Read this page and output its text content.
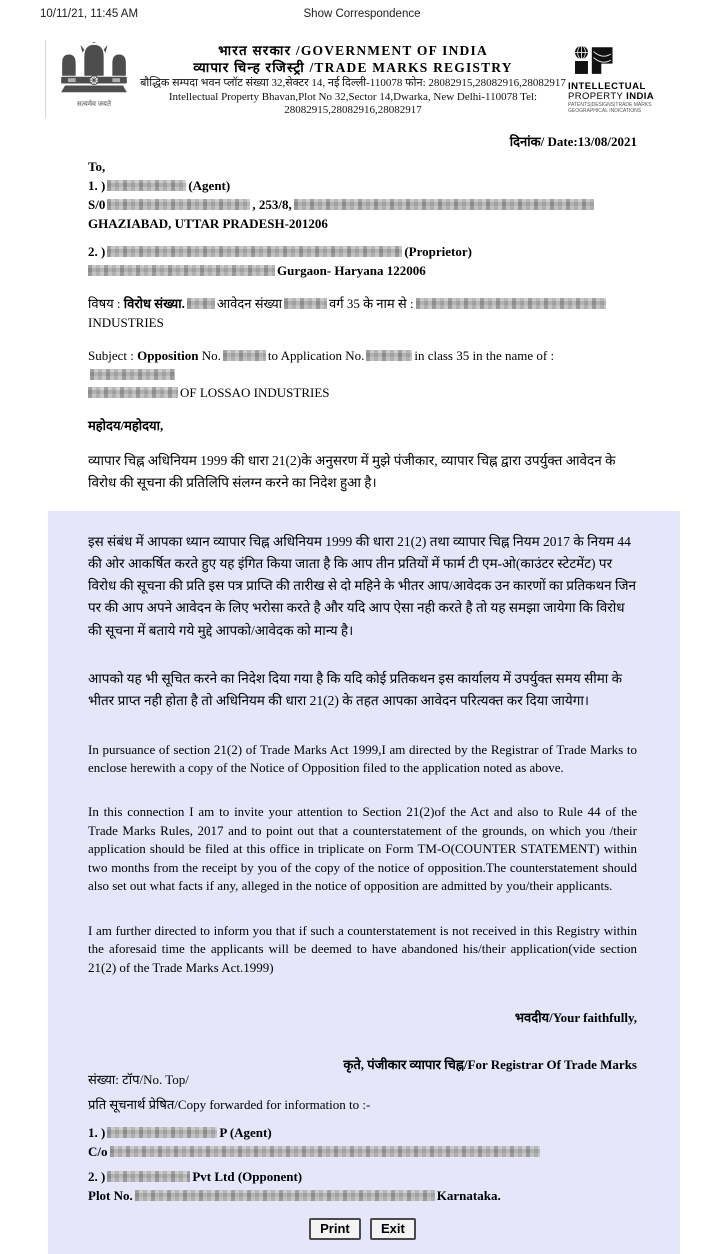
10/11/21, 11:45 AM	Show Correspondence
सत्यमेव जयते
भारत सरकार /GOVERNMENT OF INDIA
व्यापार चिन्ह रजिस्ट्री /TRADE MARKS REGISTRY
बौद्धिक सम्पदा भवन प्लॉट संख्या 32,सेक्टर 14, नई दिल्ली-110078 फोन: 28082915,28082916,28082917
Intellectual Property Bhavan,Plot No 32,Sector 14,Dwarka, New Delhi-110078 Tel: 28082915,28082916,28082917
INTELLECTUAL
PROPERTY INDIA
PATENTS|DESIGNS|TRADE MARKS
GEOGRAPHICAL INDICATIONS
दिनांक/ Date:13/08/2021
To,
1. )	(Agent)
S/0	, 253/8,
GHAZIABAD, UTTAR PRADESH-201206
2. )	(Proprietor)
Gurgaon- Haryana 122006
विषय : विरोध संख्या. आवेदन संख्या	वर्ग 35 के नाम से :
INDUSTRIES
Subject : Opposition No.	to Application No.	in class 35 in the name of :
OF LOSSAO INDUSTRIES
महोदय/महोदया,

व्यापार चिह्न अधिनियम 1999 की धारा 21(2)के अनुसरण में मुझे पंजीकार, व्यापार चिह्न द्वारा उपर्युक्त आवेदन के विरोध की सूचना की प्रतिलिपि संलग्न करने का निदेश हुआ है।

इस संबंध में आपका ध्यान व्यापार चिह्न अधिनियम 1999 की धारा 21(2) तथा व्यापार चिह्न नियम 2017 के नियम 44 की ओर आकर्षित करते हुए यह इंगित किया जाता है कि आप तीन प्रतियों में फार्म टी एम-ओ(काउंटर स्टेटमेंट) पर विरोध की सूचना की प्रति इस पत्र प्राप्ति की तारीख से दो महिने के भीतर आप/आवेदक उन कारणों का प्रतिकथन जिन पर की आप अपने आवेदन के लिए भरोसा करते है और यदि आप ऐसा नही करते है तो यह समझा जायेगा कि विरोध की सूचना में बताये गये मुद्दे आपको/आवेदक को मान्य है।

आपको यह भी सूचित करने का निदेश दिया गया है कि यदि कोई प्रतिकथन इस कार्यालय में उपर्युक्त समय सीमा के भीतर प्राप्त नही होता है तो अधिनियम की धारा 21(2) के तहत आपका आवेदन परित्यक्त कर दिया जायेगा।

In pursuance of section 21(2) of Trade Marks Act 1999,I am directed by the Registrar of Trade Marks to enclose herewith a copy of the Notice of Opposition filed to the application noted as above.

In this connection I am to invite your attention to Section 21(2)of the Act and also to Rule 44 of the Trade Marks Rules, 2017 and to point out that a counterstatement of the grounds, on which you /their application should be filed at this office in triplicate on Form TM-O(COUNTER STATEMENT) within two months from the receipt by you of the copy of the notice of opposition.The counterstatement should also set out what facts if any, alleged in the notice of opposition are admitted by you/their applicants.

I am further directed to inform you that if such a counterstatement is not received in this Registry within the aforesaid time the applicants will be deemed to have abandoned his/their application(vide section 21(2) of the Trade Marks Act.1999)

भवदीय/Your faithfully,
कृते, पंजीकार व्यापार चिह्न/For Registrar Of Trade Marks
संख्या: टॉप/No. Top/
प्रति सूचनार्थ प्रेषित/Copy forwarded for information to :-
1. )	P (Agent)
C/o
2. )	Pvt Ltd (Opponent)
Plot No.	Karnataka.
Print Exit
